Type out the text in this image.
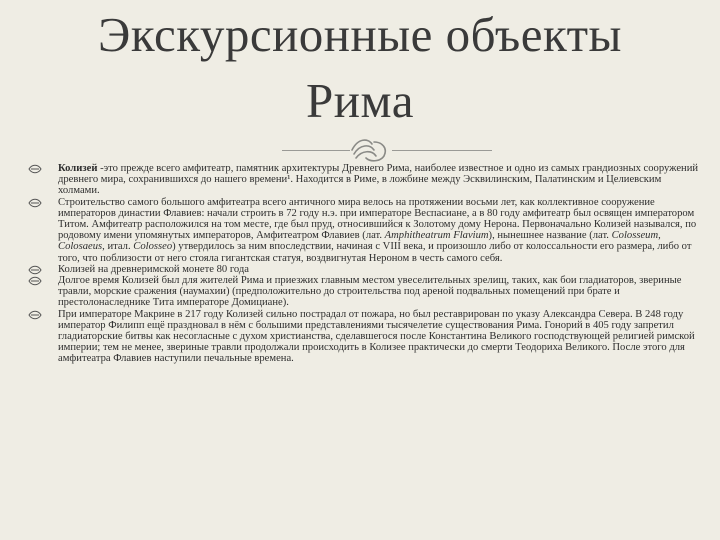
Экскурсионные объекты Рима
Колизей -это прежде всего амфитеатр, памятник архитектуры Древнего Рима, наиболее известное и одно из самых грандиозных сооружений древнего мира, сохранившихся до нашего времени¹. Находится в Риме, в ложбине между Эсквилинским, Палатинским и Целиевским холмами.
Строительство самого большого амфитеатра всего античного мира велось на протяжении восьми лет, как коллективное сооружение императоров династии Флавиев: начали строить в 72 году н.э. при императоре Веспасиане, а в 80 году амфитеатр был освящен императором Титом. Амфитеатр расположился на том месте, где был пруд, относившийся к Золотому дому Нерона. Первоначально Колизей назывался, по родовому имени упомянутых императоров, Амфитеатром Флавиев (лат. Amphitheatrum Flavium), нынешнее название (лат. Colosseum, Colosaeus, итал. Colosseo) утвердилось за ним впоследствии, начиная с VIII века, и произошло либо от колоссальности его размера, либо от того, что поблизости от него стояла гигантская статуя, воздвигнутая Нероном в честь самого себя.
Колизей на древнеримской монете 80 года
Долгое время Колизей был для жителей Рима и приезжих главным местом увеселительных зрелищ, таких, как бои гладиаторов, звериные травли, морские сражения (наумахии) (предположительно до строительства под ареной подвальных помещений при брате и престолонаследнике Тита императоре Домициане).
При императоре Макрине в 217 году Колизей сильно пострадал от пожара, но был реставрирован по указу Александра Севера. В 248 году император Филипп ещё праздновал в нём с большими представлениями тысячелетие существования Рима. Гонорий в 405 году запретил гладиаторские битвы как несогласные с духом христианства, сделавшегося после Константина Великого господствующей религией римской империи; тем не менее, звериные травли продолжали происходить в Колизее практически до смерти Теодориха Великого. После этого для амфитеатра Флавиев наступили печальные времена.
